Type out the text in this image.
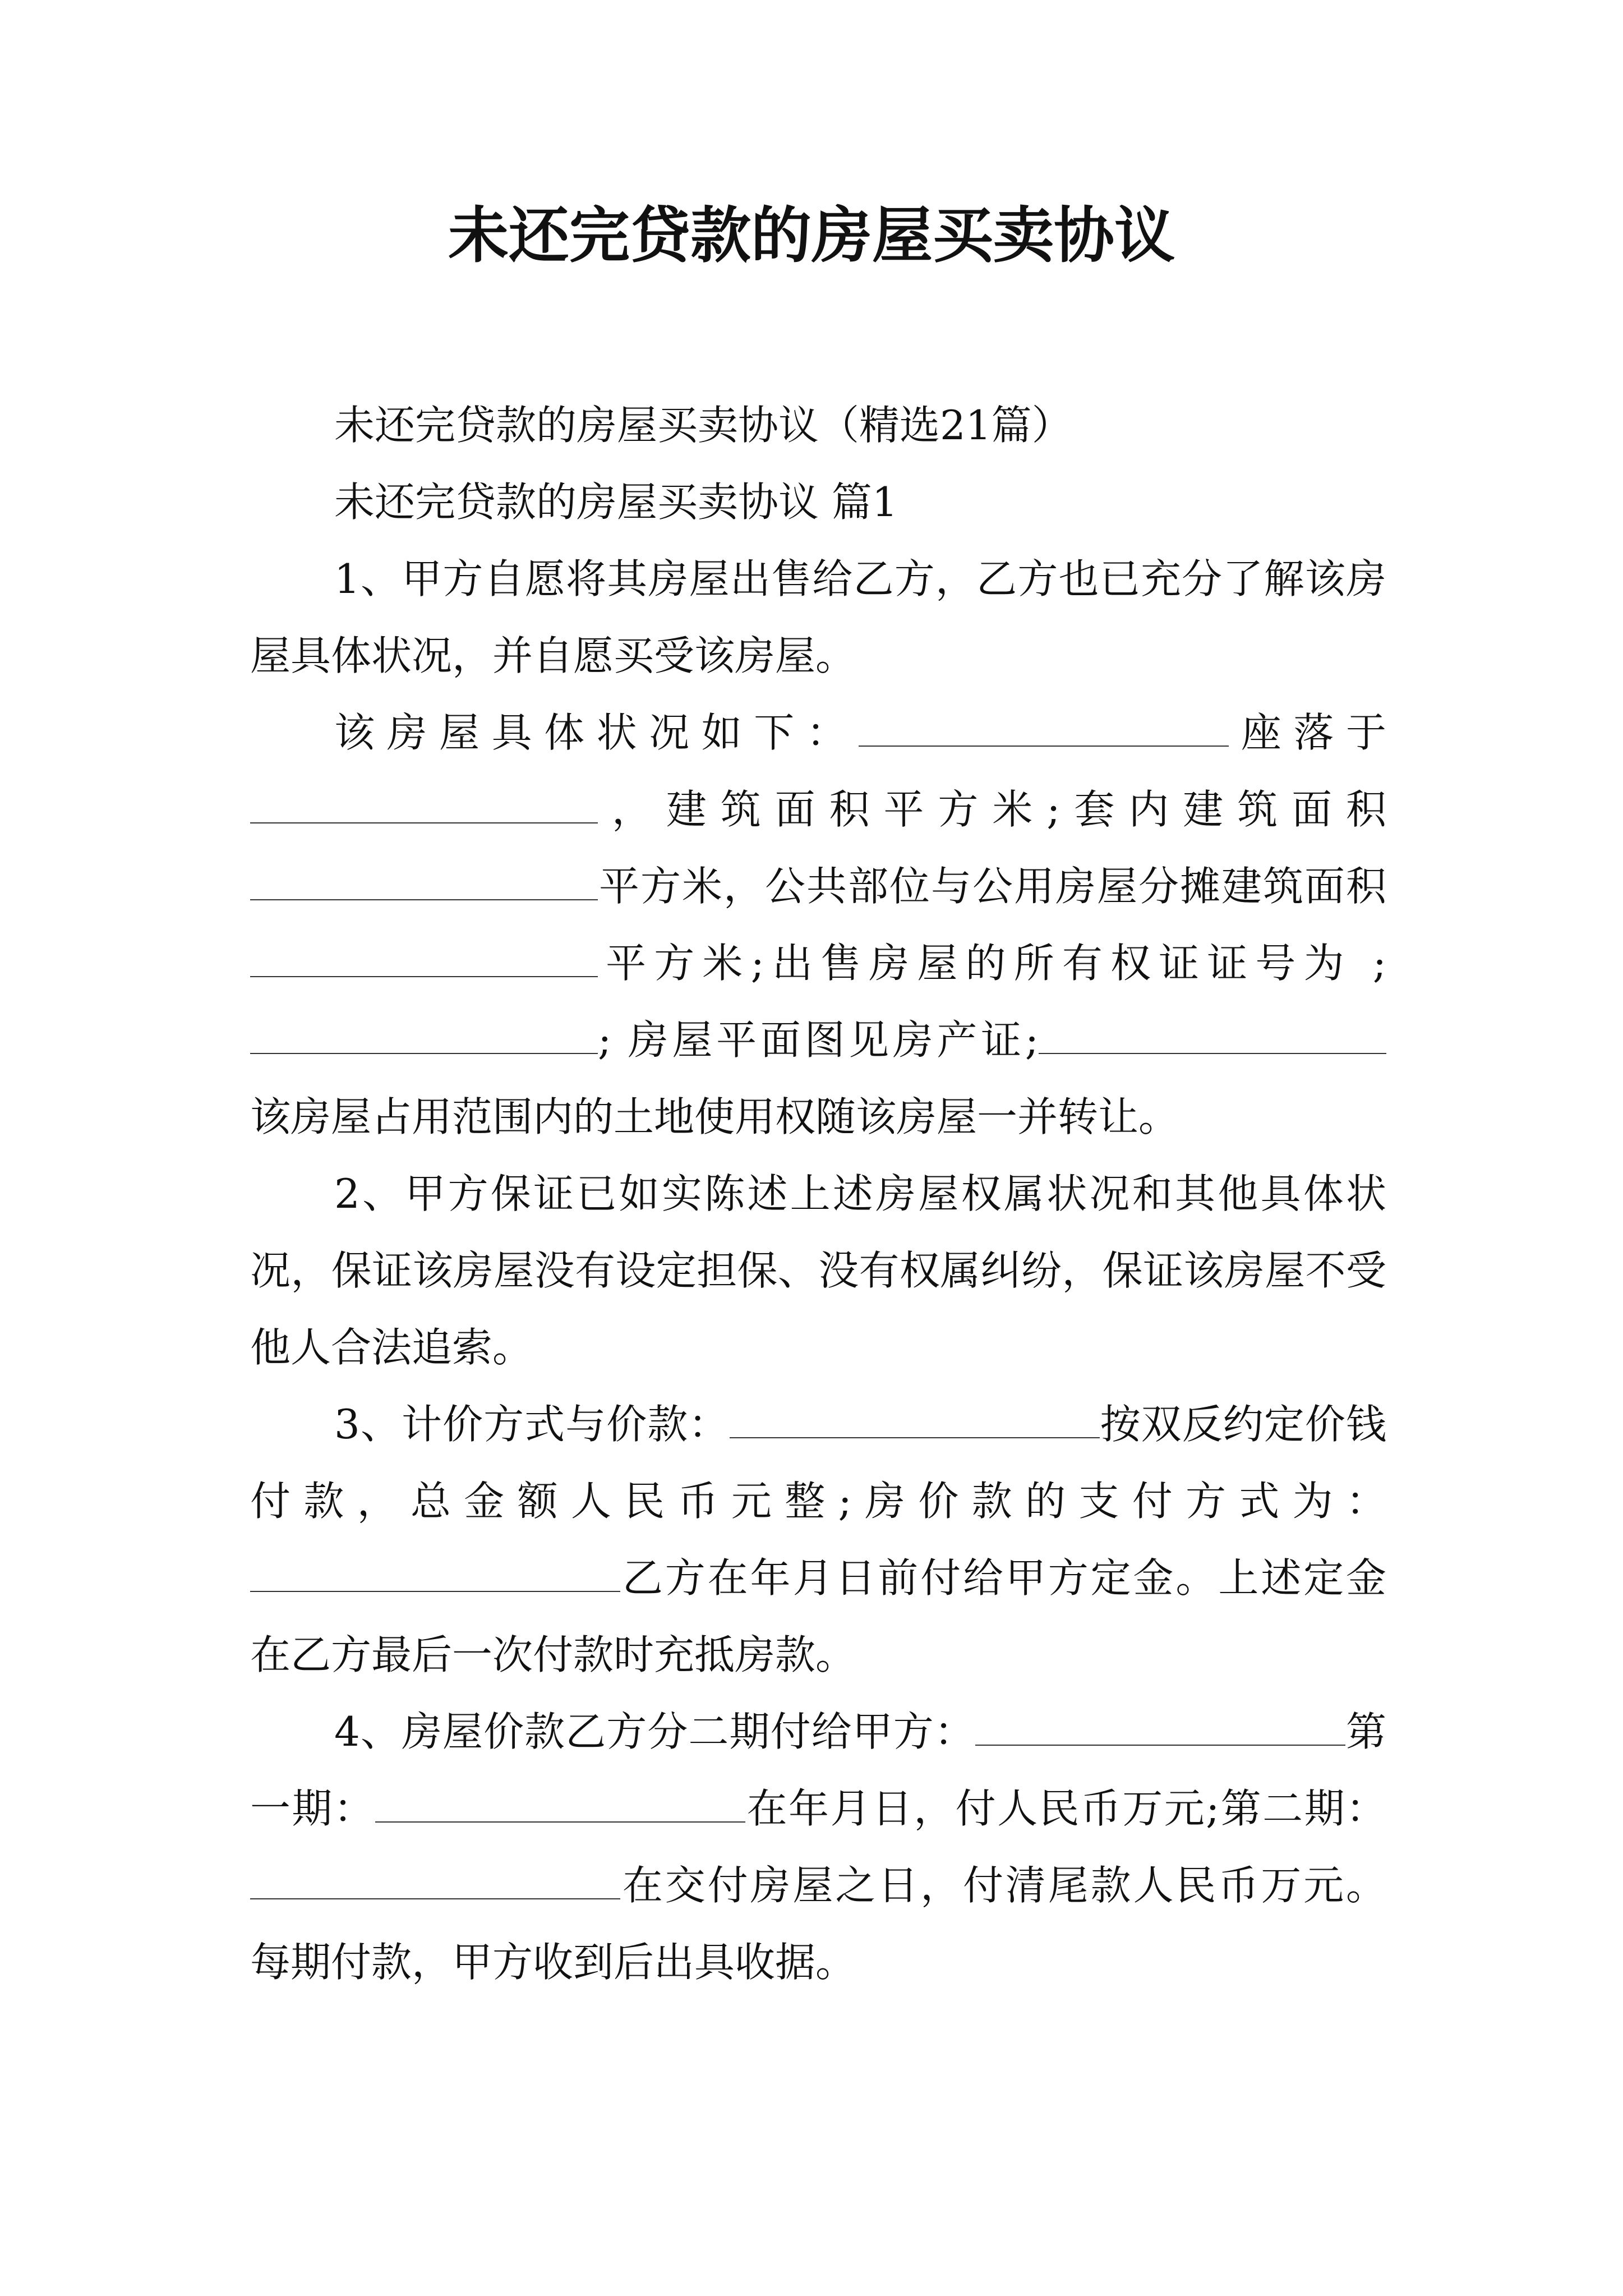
未还完贷款的房屋买卖协议

未还完贷款的房屋买卖协议（精选21篇）

未还完贷款的房屋买卖协议 篇1

1、甲方自愿将其房屋出售给乙方，乙方也已充分了解该房屋具体状况，并自愿买受该房屋。

该房屋具体状况如下：	座落于，建筑面积平方米;套内建筑面积平方米，公共部位与公用房屋分摊建筑面积平方米;出售房屋的所有权证证号为 ;; 房屋平面图见房产证;该房屋占用范围内的土地使用权随该房屋一并转让。

2、甲方保证已如实陈述上述房屋权属状况和其他具体状况，保证该房屋没有设定担保、没有权属纠纷，保证该房屋不受他人合法追索。

3、计价方式与价款：	按双反约定价钱付款，总金额人民币元整;房价款的支付方式为：乙方在年月日前付给甲方定金。上述定金在乙方最后一次付款时充抵房款。

4、房屋价款乙方分二期付给甲方：	第一期：	在年月日，付人民币万元;第二期：在交付房屋之日，付清尾款人民币万元。每期付款，甲方收到后出具收据。
